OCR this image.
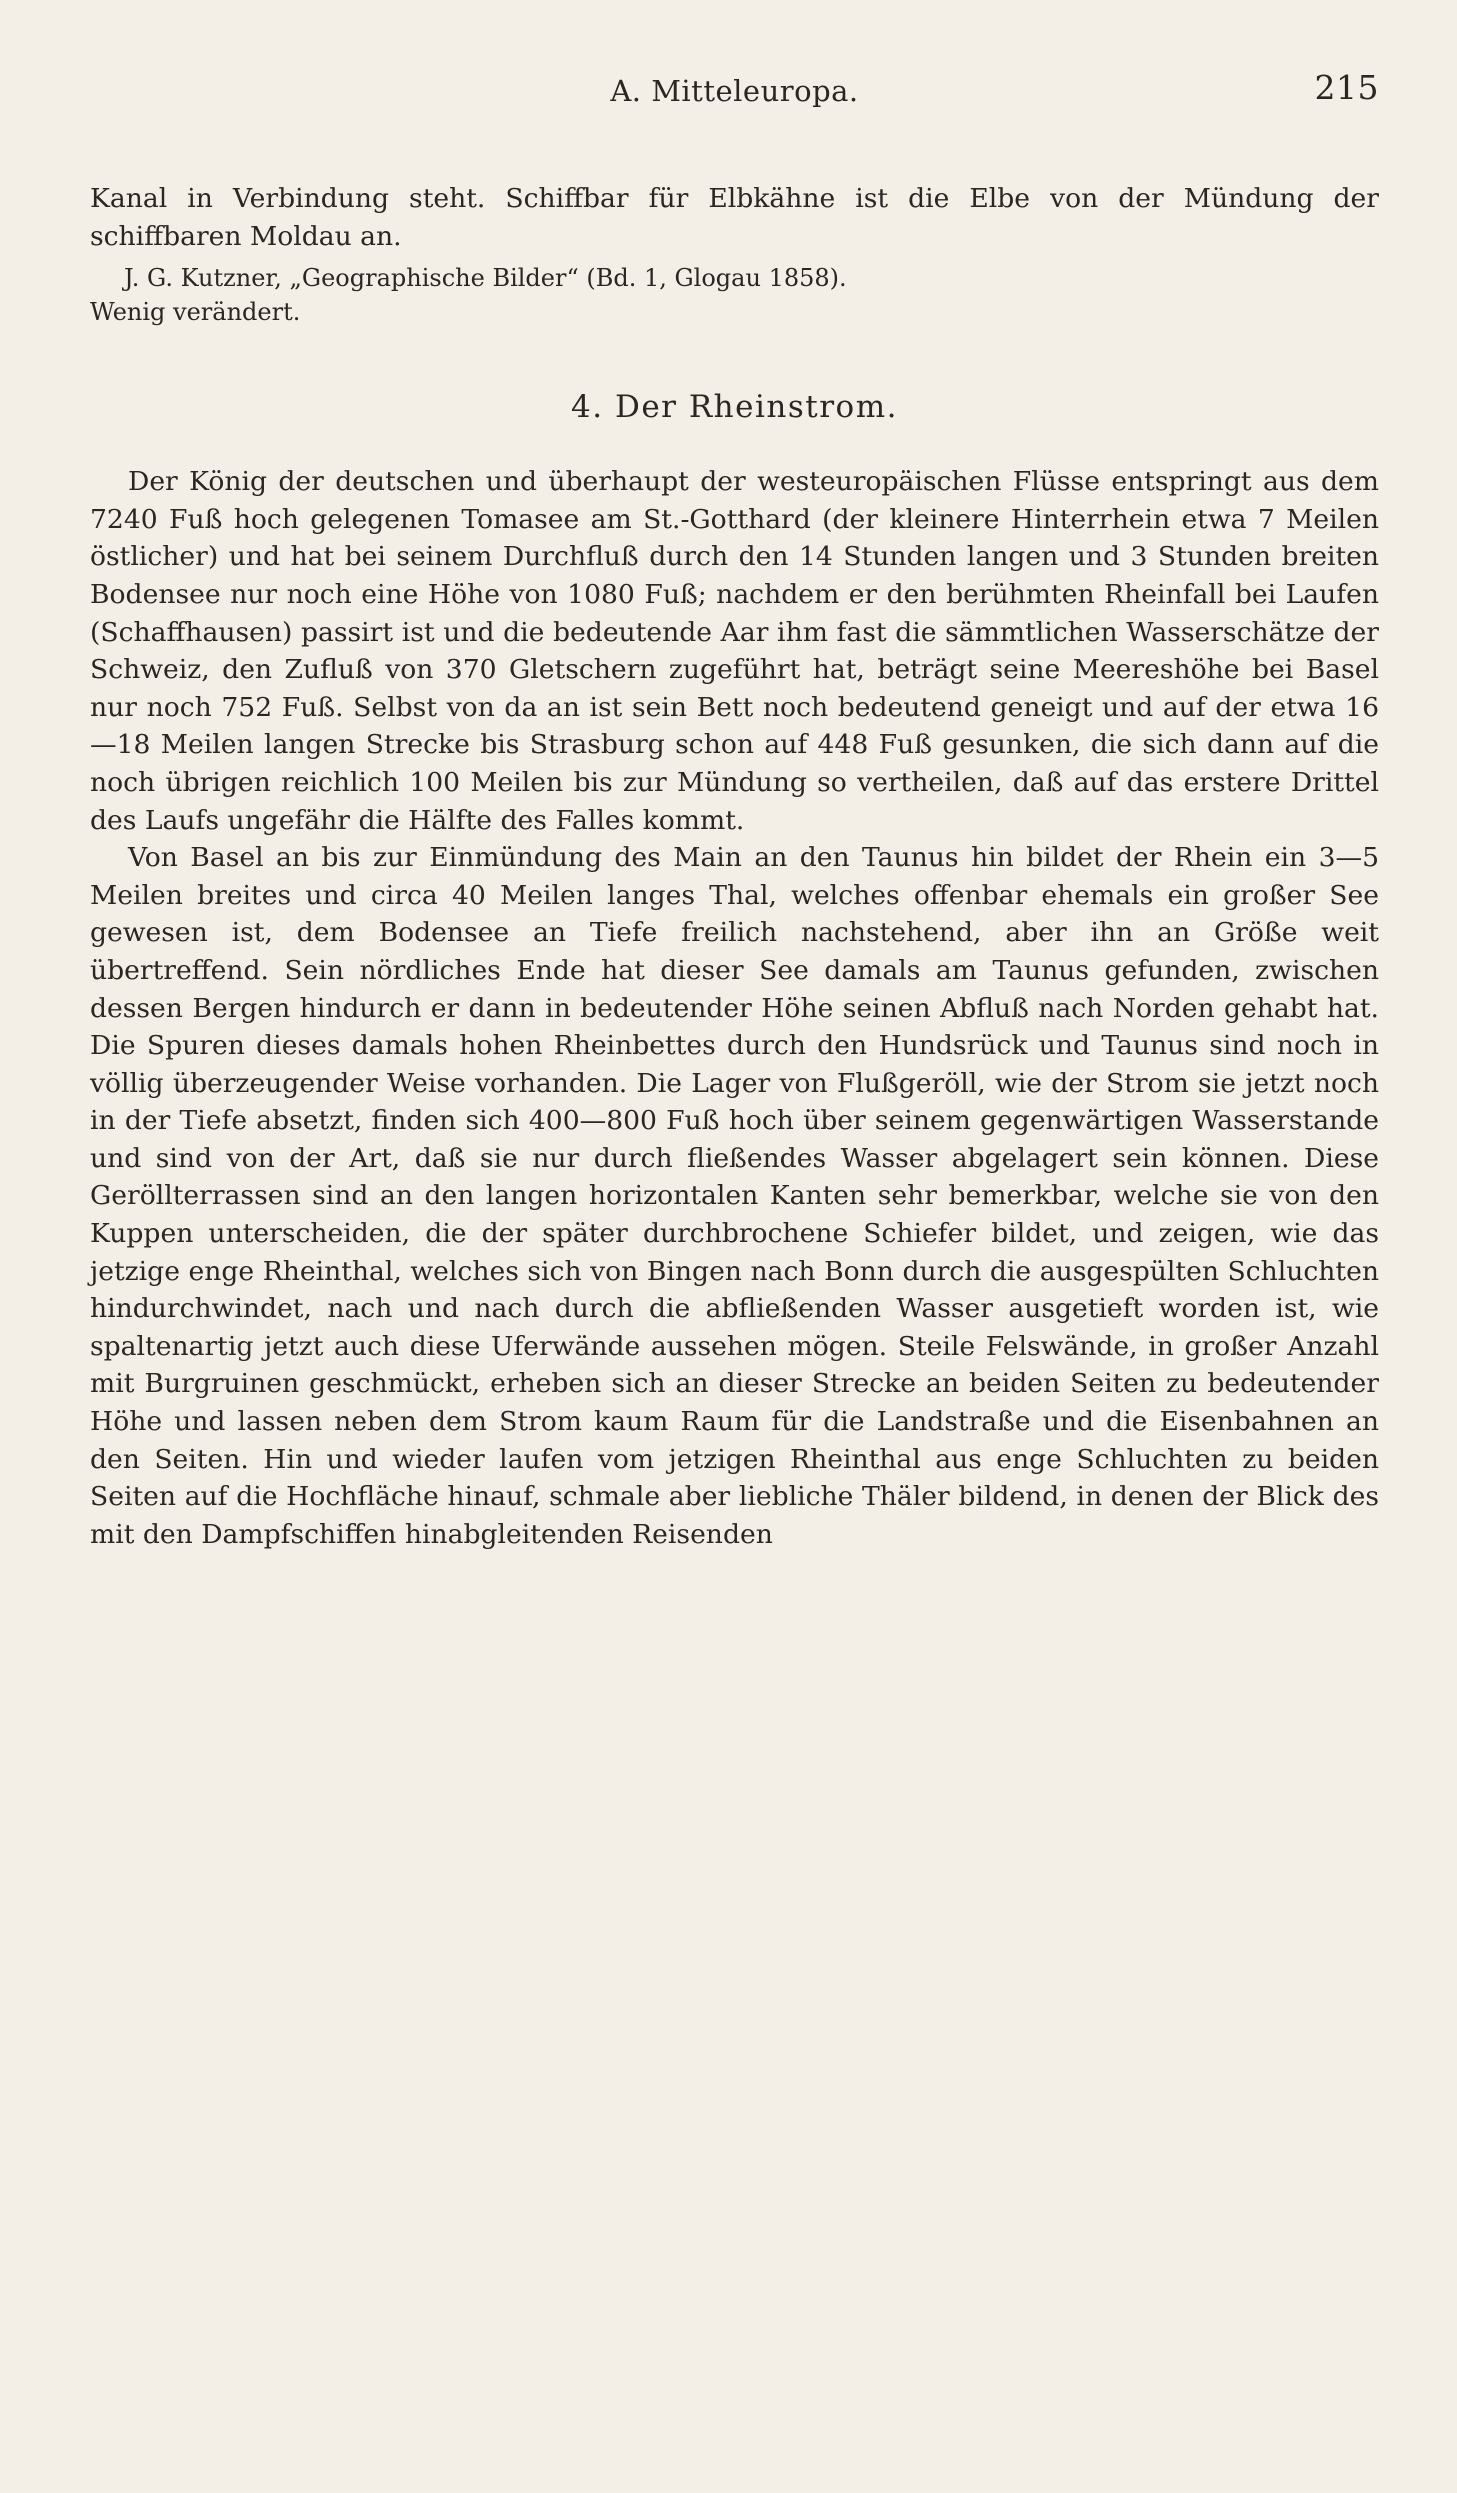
A. Mitteleuropa.	215

Kanal in Verbindung steht. Schiffbar für Elbkähne ist die Elbe von der Mündung der schiffbaren Moldau an.

J. G. Kutzner, „Geographische Bilder“ (Bd. 1, Glogau 1858).

Wenig verändert.

4. Der Rheinstrom.

Der König der deutschen und überhaupt der westeuropäischen Flüsse entspringt aus dem 7240 Fuß hoch gelegenen Tomasee am St.-Gotthard (der kleinere Hinterrhein etwa 7 Meilen östlicher) und hat bei seinem Durchfluß durch den 14 Stunden langen und 3 Stunden breiten Bodensee nur noch eine Höhe von 1080 Fuß; nachdem er den berühmten Rheinfall bei Laufen (Schaffhausen) passirt ist und die bedeutende Aar ihm fast die sämmtlichen Wasserschätze der Schweiz, den Zufluß von 370 Gletschern zugeführt hat, beträgt seine Meereshöhe bei Basel nur noch 752 Fuß. Selbst von da an ist sein Bett noch bedeutend geneigt und auf der etwa 16—18 Meilen langen Strecke bis Strasburg schon auf 448 Fuß gesunken, die sich dann auf die noch übrigen reichlich 100 Meilen bis zur Mündung so vertheilen, daß auf das erstere Drittel des Laufs ungefähr die Hälfte des Falles kommt.

Von Basel an bis zur Einmündung des Main an den Taunus hin bildet der Rhein ein 3—5 Meilen breites und circa 40 Meilen langes Thal, welches offenbar ehemals ein großer See gewesen ist, dem Bodensee an Tiefe freilich nachstehend, aber ihn an Größe weit übertreffend. Sein nördliches Ende hat dieser See damals am Taunus gefunden, zwischen dessen Bergen hindurch er dann in bedeutender Höhe seinen Abfluß nach Norden gehabt hat. Die Spuren dieses damals hohen Rheinbettes durch den Hundsrück und Taunus sind noch in völlig überzeugender Weise vorhanden. Die Lager von Flußgeröll, wie der Strom sie jetzt noch in der Tiefe absetzt, finden sich 400—800 Fuß hoch über seinem gegenwärtigen Wasserstande und sind von der Art, daß sie nur durch fließendes Wasser abgelagert sein können. Diese Geröllterrassen sind an den langen horizontalen Kanten sehr bemerkbar, welche sie von den Kuppen unterscheiden, die der später durchbrochene Schiefer bildet, und zeigen, wie das jetzige enge Rheinthal, welches sich von Bingen nach Bonn durch die ausgespülten Schluchten hindurchwindet, nach und nach durch die abfließenden Wasser ausgetieft worden ist, wie spaltenartig jetzt auch diese Uferwände aussehen mögen. Steile Felswände, in großer Anzahl mit Burgruinen geschmückt, erheben sich an dieser Strecke an beiden Seiten zu bedeutender Höhe und lassen neben dem Strom kaum Raum für die Landstraße und die Eisenbahnen an den Seiten. Hin und wieder laufen vom jetzigen Rheinthal aus enge Schluchten zu beiden Seiten auf die Hochfläche hinauf, schmale aber liebliche Thäler bildend, in denen der Blick des mit den Dampfschiffen hinabgleitenden Reisenden
